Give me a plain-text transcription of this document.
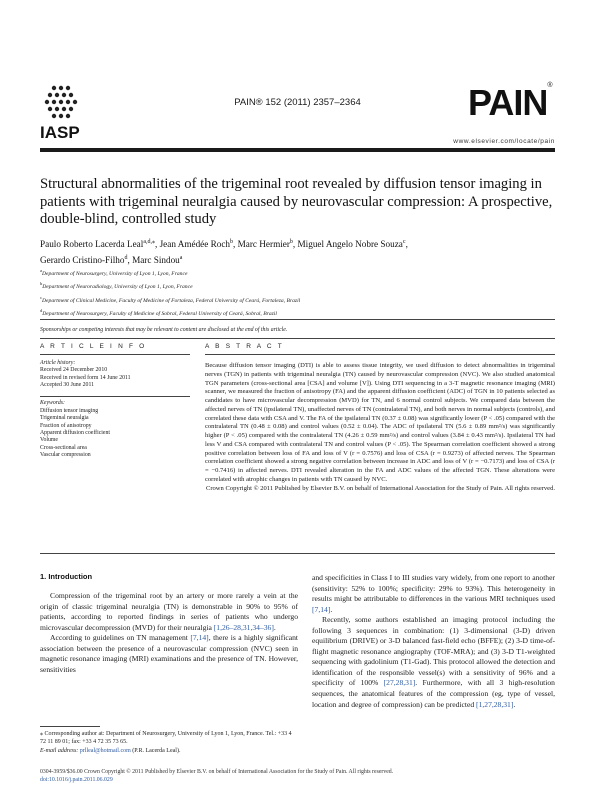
IASP
PAIN® 152 (2011) 2357–2364	PAIN®
www.elsevier.com/locate/pain
Structural abnormalities of the trigeminal root revealed by diffusion tensor imaging in patients with trigeminal neuralgia caused by neurovascular compression: A prospective, double-blind, controlled study
Paulo Roberto Lacerda Leal$^{a,d,⁎}$, Jean Amédée Roch$^b$, Marc Hermier$^b$, Miguel Angelo Nobre Souza$^c$,
Gerardo Cristino-Filho$^d$, Marc Sindou$^a$
$^a$Department of Neurosurgery, University of Lyon 1, Lyon, France
$^b$Department of Neuroradiology, University of Lyon 1, Lyon, France
$^c$Department of Clinical Medicine, Faculty of Medicine of Fortaleza, Federal University of Ceará, Fortaleza, Brazil
$^d$Department of Neurosurgery, Faculty of Medicine of Sobral, Federal University of Ceará, Sobral, Brazil
Sponsorships or competing interests that may be relevant to content are disclosed at the end of this article.
A R T I C L E I N F O
Article history:
Received 24 December 2010
Received in revised form 14 June 2011
Accepted 30 June 2011
Keywords:
Diffusion tensor imaging
Trigeminal neuralgia
Fraction of anisotropy
Apparent diffusion coefficient
Volume
Cross-sectional area
Vascular compression
A B S T R A C T
Because diffusion tensor imaging (DTI) is able to assess tissue integrity, we used diffusion to detect abnormalities in trigeminal nerves (TGN) in patients with trigeminal neuralgia (TN) caused by neurovascular compression (NVC). We also studied anatomical TGN parameters (cross-sectional area [CSA] and volume [V]). Using DTI sequencing in a 3-T magnetic resonance imaging (MRI) scanner, we measured the fraction of anisotropy (FA) and the apparent diffusion coefficient (ADC) of TGN in 10 patients selected as candidates to have microvascular decompression (MVD) for TN, and 6 normal control subjects. We compared data between the affected nerves of TN (ipsilateral TN), unaffected nerves of TN (contralateral TN), and both nerves in normal subjects (controls), and correlated these data with CSA and V. The FA of the ipsilateral TN (0.37 ± 0.08) was significantly lower (P < .05) compared with the contralateral TN (0.48 ± 0.08) and control values (0.52 ± 0.04). The ADC of ipsilateral TN (5.6 ± 0.89 mm²/s) was significantly higher (P < .05) compared with the contralateral TN (4.26 ± 0.59 mm²/s) and control values (3.84 ± 0.43 mm²/s). Ipsilateral TN had less V and CSA compared with contralateral TN and control values (P < .05). The Spearman correlation coefficient showed a strong positive correlation between loss of FA and loss of V (r = 0.7576) and loss of CSA (r = 0.9273) of affected nerves. The Spearman correlation coefficient showed a strong negative correlation between increase in ADC and loss of V (r = −0.7173) and loss of CSA (r = −0.7416) in affected nerves. DTI revealed alteration in the FA and ADC values of the affected TGN. These alterations were correlated with atrophic changes in patients with TN caused by NVC.
Crown Copyright © 2011 Published by Elsevier B.V. on behalf of International Association for the Study of Pain. All rights reserved.
1. Introduction

Compression of the trigeminal root by an artery or more rarely a vein at the origin of classic trigeminal neuralgia (TN) is demonstrable in 90% to 95% of patients, according to reported findings in series of patients who undergo microvascular decompression (MVD) for their neuralgia [1,26–28,31,34–36].

According to guidelines on TN management [7,14], there is a highly significant association between the presence of a neurovascular compression (NVC) seen in magnetic resonance imaging (MRI) examinations and the presence of TN. However, sensitivities

and specificities in Class I to III studies vary widely, from one report to another (sensitivity: 52% to 100%; specificity: 29% to 93%). This heterogeneity in results might be attributable to differences in the various MRI techniques used [7,14].

Recently, some authors established an imaging protocol including the following 3 sequences in combination: (1) 3-dimensional (3-D) driven equilibrium (DRIVE) or 3-D balanced fast-field echo (BFFE); (2) 3-D time-of-flight magnetic resonance angiography (TOF-MRA); and (3) 3-D T1-weighted sequencing with gadolinium (T1-Gad). This protocol allowed the detection and identification of the responsible vessel(s) with a sensitivity of 96% and a specificity of 100% [27,28,31]. Furthermore, with all 3 high-resolution sequences, the anatomical features of the compression (eg, type of vessel, location and degree of compression) can be predicted [1,27,28,31].

⁎ Corresponding author at: Department of Neurosurgery, University of Lyon 1, Lyon, France. Tel.: +33 4 72 11 89 01; fax: +33 4 72 35 73 65.
E-mail address: prlleal@hotmail.com (P.R. Lacerda Leal).
0304-3959/$36.00 Crown Copyright © 2011 Published by Elsevier B.V. on behalf of International Association for the Study of Pain. All rights reserved.
doi:10.1016/j.pain.2011.06.029
